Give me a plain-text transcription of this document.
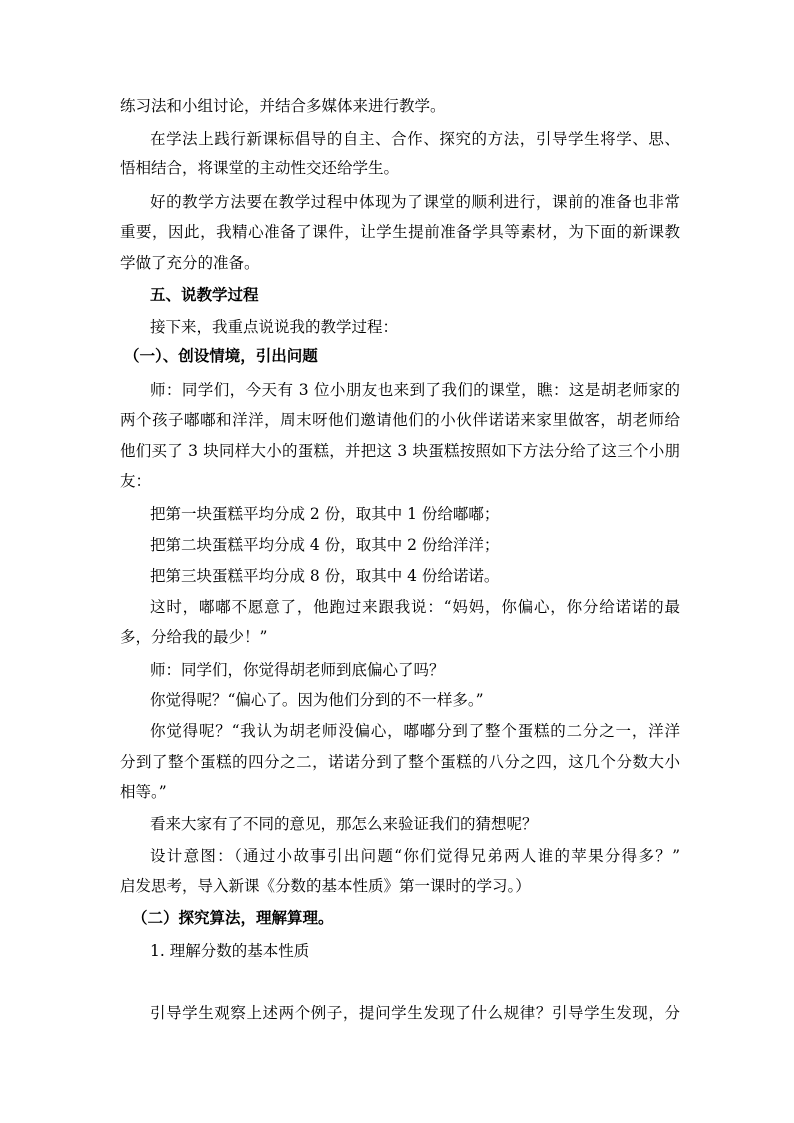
练习法和小组讨论，并结合多媒体来进行教学。
在学法上践行新课标倡导的自主、合作、探究的方法，引导学生将学、思、
悟相结合，将课堂的主动性交还给学生。
好的教学方法要在教学过程中体现为了课堂的顺利进行，课前的准备也非常
重要，因此，我精心准备了课件，让学生提前准备学具等素材，为下面的新课教
学做了充分的准备。
五、说教学过程
接下来，我重点说说我的教学过程：
（一）、创设情境，引出问题
师：同学们，今天有 3 位小朋友也来到了我们的课堂，瞧：这是胡老师家的
两个孩子嘟嘟和洋洋，周末呀他们邀请他们的小伙伴诺诺来家里做客，胡老师给
他们买了 3 块同样大小的蛋糕，并把这 3 块蛋糕按照如下方法分给了这三个小朋
友：
把第一块蛋糕平均分成 2 份，取其中 1 份给嘟嘟；
把第二块蛋糕平均分成 4 份，取其中 2 份给洋洋；
把第三块蛋糕平均分成 8 份，取其中 4 份给诺诺。
这时，嘟嘟不愿意了，他跑过来跟我说：“妈妈，你偏心，你分给诺诺的最
多，分给我的最少！”
师：同学们，你觉得胡老师到底偏心了吗？
你觉得呢？“偏心了。因为他们分到的不一样多。”
你觉得呢？“我认为胡老师没偏心，嘟嘟分到了整个蛋糕的二分之一，洋洋
分到了整个蛋糕的四分之二，诺诺分到了整个蛋糕的八分之四，这几个分数大小
相等。”
看来大家有了不同的意见，那怎么来验证我们的猜想呢？
设计意图：（通过小故事引出问题“你们觉得兄弟两人谁的苹果分得多？”
启发思考，导入新课《分数的基本性质》第一课时的学习。）
（二）探究算法，理解算理。
1. 理解分数的基本性质
引导学生观察上述两个例子，提问学生发现了什么规律？引导学生发现，分
